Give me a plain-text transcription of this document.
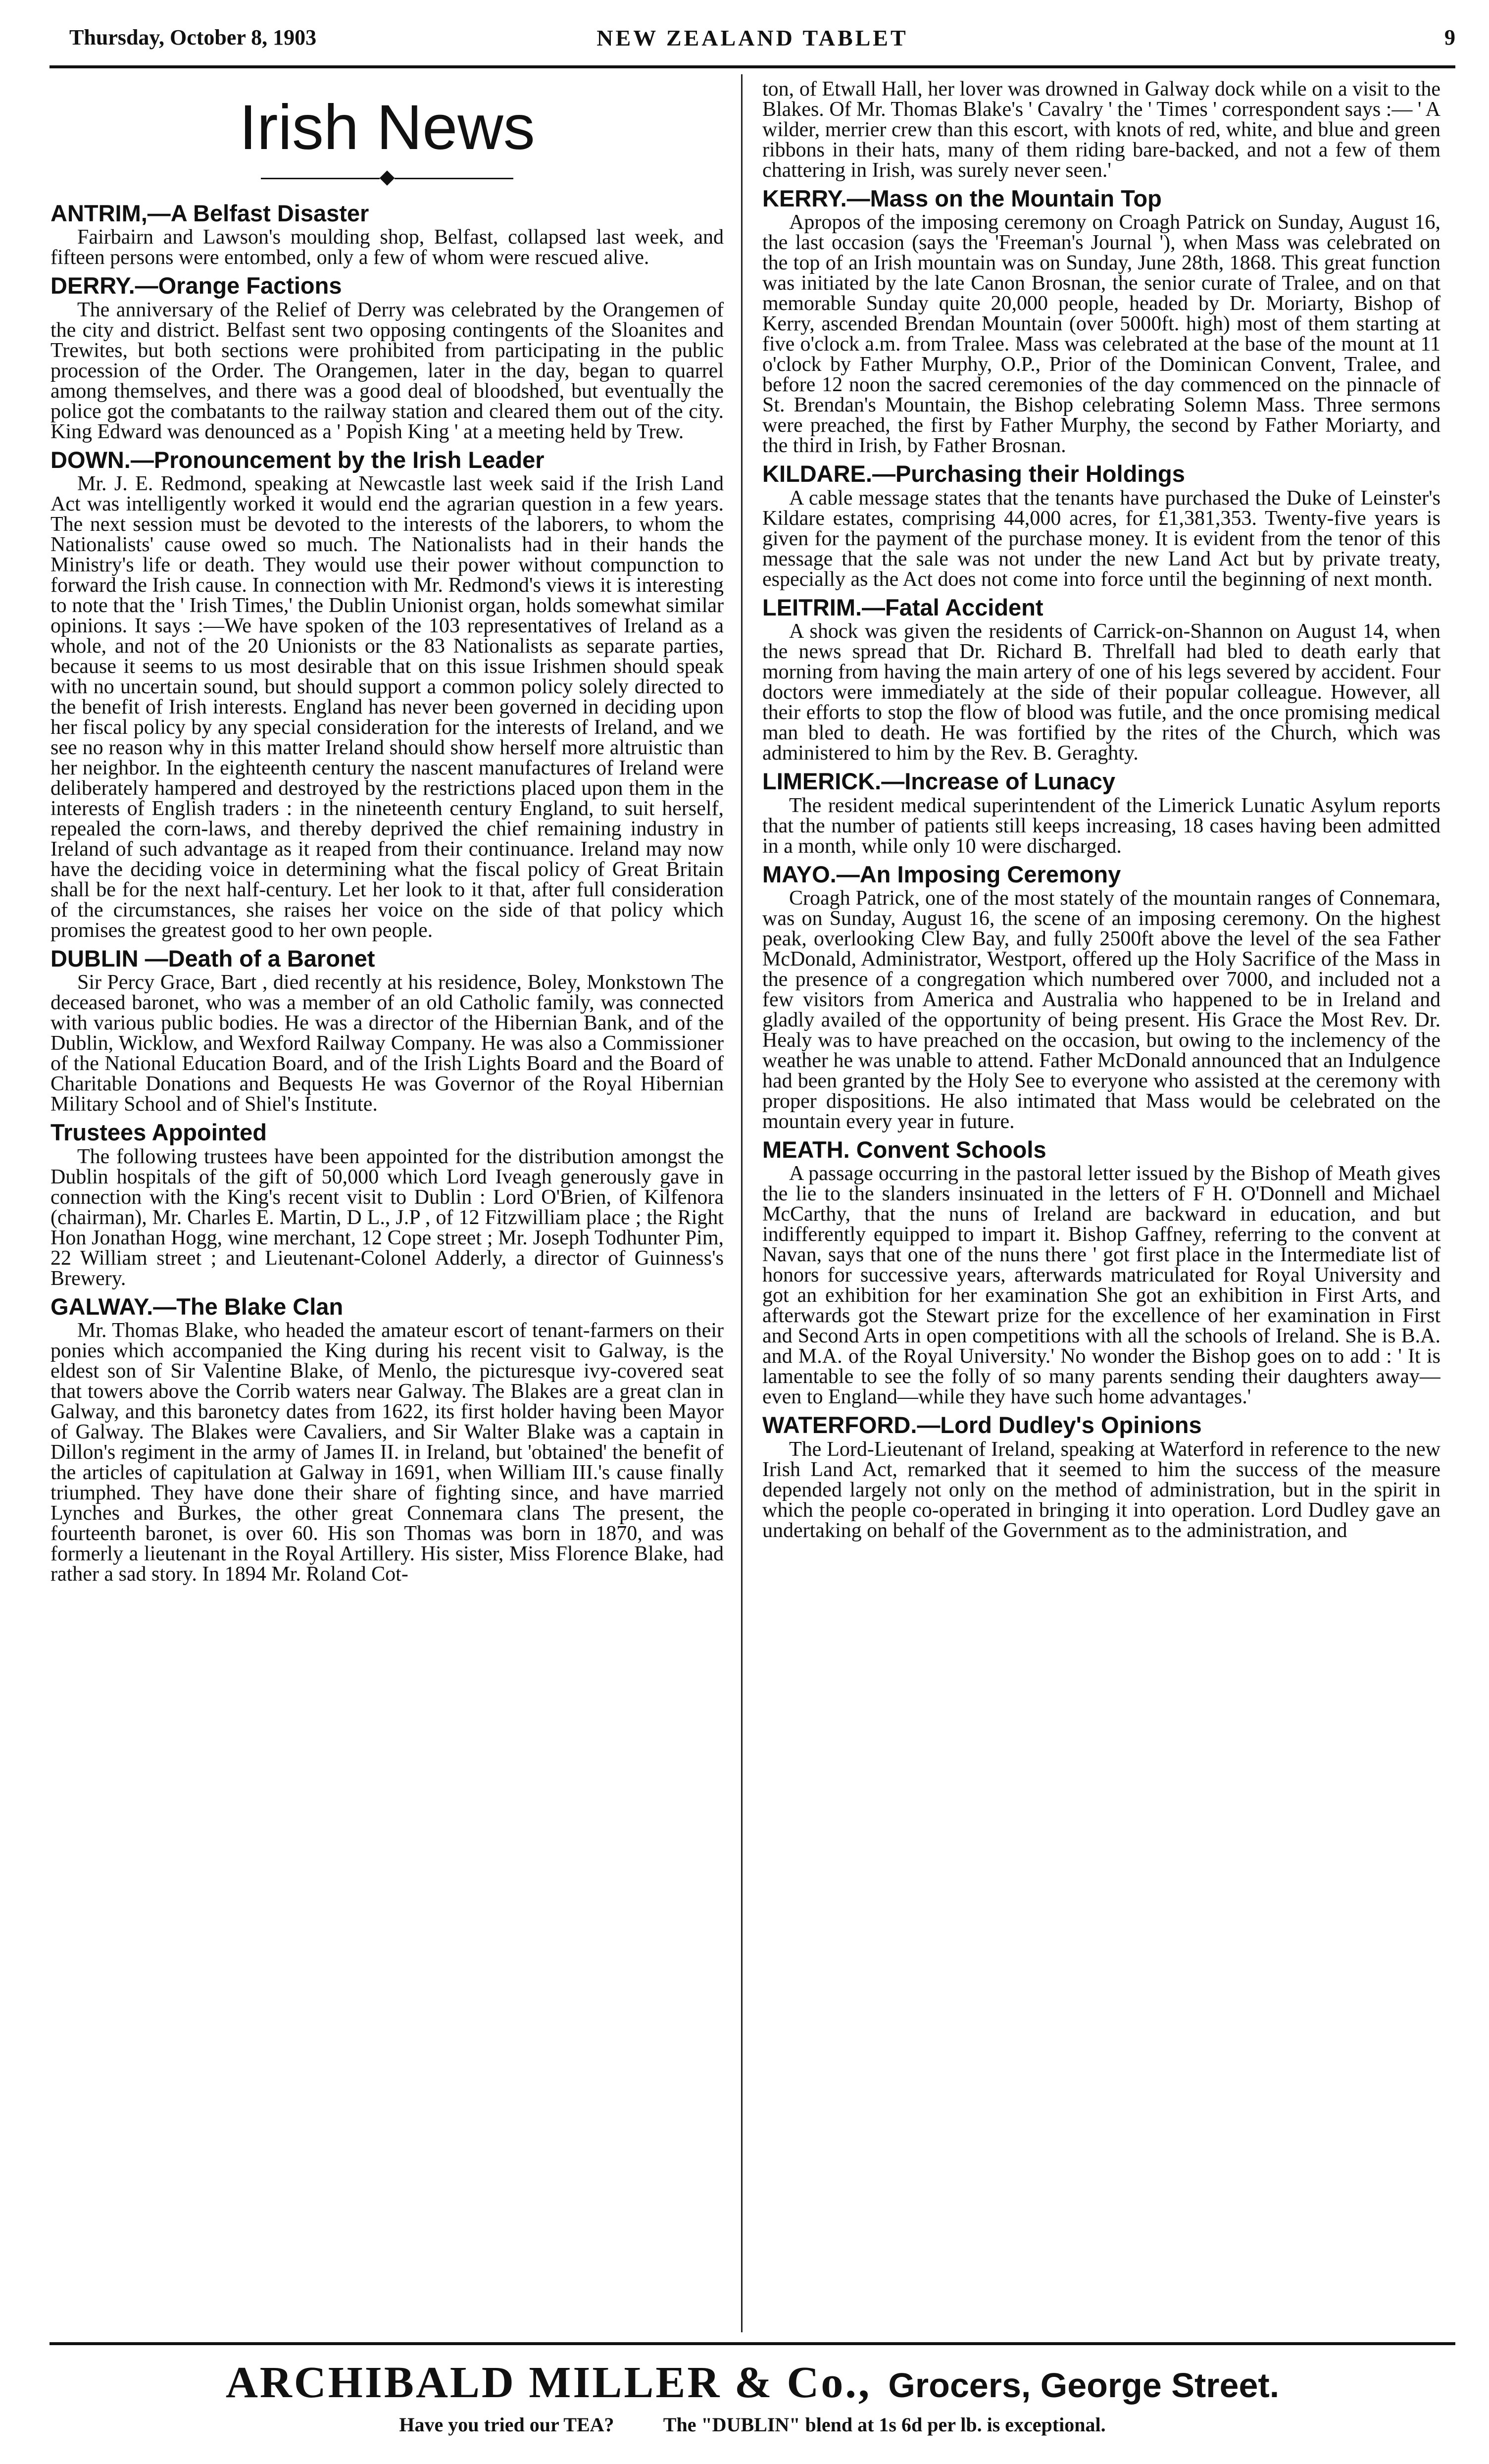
Thursday, October 8, 1903	NEW ZEALAND TABLET	9
Irish News
◆
ANTRIM,—A Belfast Disaster

Fairbairn and Lawson's moulding shop, Belfast, collapsed last week, and fifteen persons were entombed, only a few of whom were rescued alive.

DERRY.—Orange Factions

The anniversary of the Relief of Derry was celebrated by the Orangemen of the city and district. Belfast sent two opposing contingents of the Sloanites and Trewites, but both sections were prohibited from participating in the public procession of the Order. The Orangemen, later in the day, began to quarrel among themselves, and there was a good deal of bloodshed, but eventually the police got the combatants to the railway station and cleared them out of the city. King Edward was denounced as a ' Popish King ' at a meeting held by Trew.

DOWN.—Pronouncement by the Irish Leader

Mr. J. E. Redmond, speaking at Newcastle last week said if the Irish Land Act was intelligently worked it would end the agrarian question in a few years. The next session must be devoted to the interests of the laborers, to whom the Nationalists' cause owed so much. The Nationalists had in their hands the Ministry's life or death. They would use their power without compunction to forward the Irish cause. In connection with Mr. Redmond's views it is interesting to note that the ' Irish Times,' the Dublin Unionist organ, holds somewhat similar opinions. It says :—We have spoken of the 103 representatives of Ireland as a whole, and not of the 20 Unionists or the 83 Nationalists as separate parties, because it seems to us most desirable that on this issue Irishmen should speak with no uncertain sound, but should support a common policy solely directed to the benefit of Irish interests. England has never been governed in deciding upon her fiscal policy by any special consideration for the interests of Ireland, and we see no reason why in this matter Ireland should show herself more altruistic than her neighbor. In the eighteenth century the nascent manufactures of Ireland were deliberately hampered and destroyed by the restrictions placed upon them in the interests of English traders : in the nineteenth century England, to suit herself, repealed the corn-laws, and thereby deprived the chief remaining industry in Ireland of such advantage as it reaped from their continuance. Ireland may now have the deciding voice in determining what the fiscal policy of Great Britain shall be for the next half-century. Let her look to it that, after full consideration of the circumstances, she raises her voice on the side of that policy which promises the greatest good to her own people.

DUBLIN —Death of a Baronet

Sir Percy Grace, Bart , died recently at his residence, Boley, Monkstown The deceased baronet, who was a member of an old Catholic family, was connected with various public bodies. He was a director of the Hibernian Bank, and of the Dublin, Wicklow, and Wexford Railway Company. He was also a Commissioner of the National Education Board, and of the Irish Lights Board and the Board of Charitable Donations and Bequests He was Governor of the Royal Hibernian Military School and of Shiel's Institute.

Trustees Appointed

The following trustees have been appointed for the distribution amongst the Dublin hospitals of the gift of 50,000 which Lord Iveagh generously gave in connection with the King's recent visit to Dublin : Lord O'Brien, of Kilfenora (chairman), Mr. Charles E. Martin, D L., J.P , of 12 Fitzwilliam place ; the Right Hon Jonathan Hogg, wine merchant, 12 Cope street ; Mr. Joseph Todhunter Pim, 22 William street ; and Lieutenant-Colonel Adderly, a director of Guinness's Brewery.

GALWAY.—The Blake Clan

Mr. Thomas Blake, who headed the amateur escort of tenant-farmers on their ponies which accompanied the King during his recent visit to Galway, is the eldest son of Sir Valentine Blake, of Menlo, the picturesque ivy-covered seat that towers above the Corrib waters near Galway. The Blakes are a great clan in Galway, and this baronetcy dates from 1622, its first holder having been Mayor of Galway. The Blakes were Cavaliers, and Sir Walter Blake was a captain in Dillon's regiment in the army of James II. in Ireland, but 'obtained' the benefit of the articles of capitulation at Galway in 1691, when William III.'s cause finally triumphed. They have done their share of fighting since, and have married Lynches and Burkes, the other great Connemara clans The present, the fourteenth baronet, is over 60. His son Thomas was born in 1870, and was formerly a lieutenant in the Royal Artillery. His sister, Miss Florence Blake, had rather a sad story. In 1894 Mr. Roland Cot-

ton, of Etwall Hall, her lover was drowned in Galway dock while on a visit to the Blakes. Of Mr. Thomas Blake's ' Cavalry ' the ' Times ' correspondent says :— ' A wilder, merrier crew than this escort, with knots of red, white, and blue and green ribbons in their hats, many of them riding bare-backed, and not a few of them chattering in Irish, was surely never seen.'

KERRY.—Mass on the Mountain Top

Apropos of the imposing ceremony on Croagh Patrick on Sunday, August 16, the last occasion (says the 'Freeman's Journal '), when Mass was celebrated on the top of an Irish mountain was on Sunday, June 28th, 1868. This great function was initiated by the late Canon Brosnan, the senior curate of Tralee, and on that memorable Sunday quite 20,000 people, headed by Dr. Moriarty, Bishop of Kerry, ascended Brendan Mountain (over 5000ft. high) most of them starting at five o'clock a.m. from Tralee. Mass was celebrated at the base of the mount at 11 o'clock by Father Murphy, O.P., Prior of the Dominican Convent, Tralee, and before 12 noon the sacred ceremonies of the day commenced on the pinnacle of St. Brendan's Mountain, the Bishop celebrating Solemn Mass. Three sermons were preached, the first by Father Murphy, the second by Father Moriarty, and the third in Irish, by Father Brosnan.

KILDARE.—Purchasing their Holdings

A cable message states that the tenants have purchased the Duke of Leinster's Kildare estates, comprising 44,000 acres, for £1,381,353. Twenty-five years is given for the payment of the purchase money. It is evident from the tenor of this message that the sale was not under the new Land Act but by private treaty, especially as the Act does not come into force until the beginning of next month.

LEITRIM.—Fatal Accident

A shock was given the residents of Carrick-on-Shannon on August 14, when the news spread that Dr. Richard B. Threlfall had bled to death early that morning from having the main artery of one of his legs severed by accident. Four doctors were immediately at the side of their popular colleague. However, all their efforts to stop the flow of blood was futile, and the once promising medical man bled to death. He was fortified by the rites of the Church, which was administered to him by the Rev. B. Geraghty.

LIMERICK.—Increase of Lunacy

The resident medical superintendent of the Limerick Lunatic Asylum reports that the number of patients still keeps increasing, 18 cases having been admitted in a month, while only 10 were discharged.

MAYO.—An Imposing Ceremony

Croagh Patrick, one of the most stately of the mountain ranges of Connemara, was on Sunday, August 16, the scene of an imposing ceremony. On the highest peak, overlooking Clew Bay, and fully 2500ft above the level of the sea Father McDonald, Administrator, Westport, offered up the Holy Sacrifice of the Mass in the presence of a congregation which numbered over 7000, and included not a few visitors from America and Australia who happened to be in Ireland and gladly availed of the opportunity of being present. His Grace the Most Rev. Dr. Healy was to have preached on the occasion, but owing to the inclemency of the weather he was unable to attend. Father McDonald announced that an Indulgence had been granted by the Holy See to everyone who assisted at the ceremony with proper dispositions. He also intimated that Mass would be celebrated on the mountain every year in future.

MEATH. Convent Schools

A passage occurring in the pastoral letter issued by the Bishop of Meath gives the lie to the slanders insinuated in the letters of F H. O'Donnell and Michael McCarthy, that the nuns of Ireland are backward in education, and but indifferently equipped to impart it. Bishop Gaffney, referring to the convent at Navan, says that one of the nuns there ' got first place in the Intermediate list of honors for successive years, afterwards matriculated for Royal University and got an exhibition for her examination She got an exhibition in First Arts, and afterwards got the Stewart prize for the excellence of her examination in First and Second Arts in open competitions with all the schools of Ireland. She is B.A. and M.A. of the Royal University.' No wonder the Bishop goes on to add : ' It is lamentable to see the folly of so many parents sending their daughters away—even to England—while they have such home advantages.'

WATERFORD.—Lord Dudley's Opinions

The Lord-Lieutenant of Ireland, speaking at Waterford in reference to the new Irish Land Act, remarked that it seemed to him the success of the measure depended largely not only on the method of administration, but in the spirit in which the people co-operated in bringing it into operation. Lord Dudley gave an undertaking on behalf of the Government as to the administration, and

ARCHIBALD MILLER & Co., Grocers, George Street.
Have you tried our TEA? The "DUBLIN" blend at 1s 6d per lb. is exceptional.
